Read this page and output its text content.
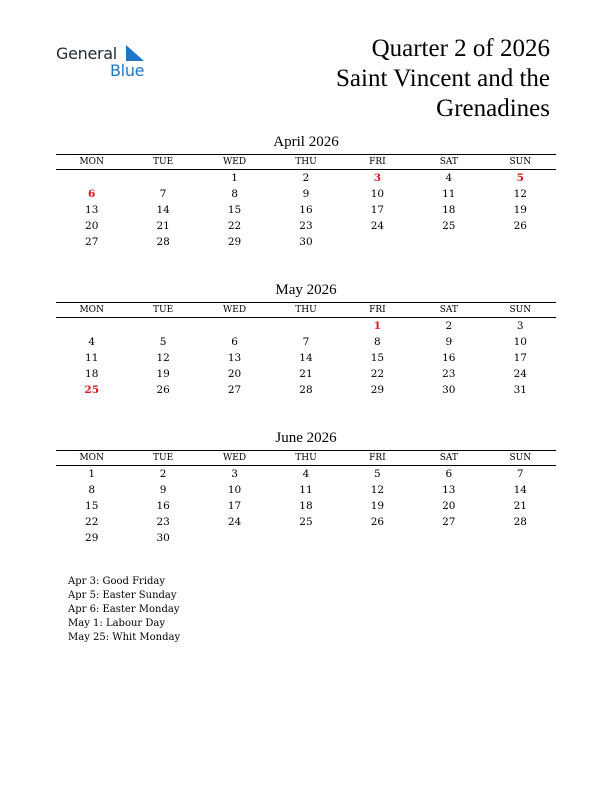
General
Blue
Quarter 2 of 2026
Saint Vincent and the
Grenadines
April 2026
MON	TUE	WED	THU	FRI	SAT	SUN
		1	2	3	4	5
6	7	8	9	10	11	12
13	14	15	16	17	18	19
20	21	22	23	24	25	26
27	28	29	30			
May 2026
MON	TUE	WED	THU	FRI	SAT	SUN
				1	2	3
4	5	6	7	8	9	10
11	12	13	14	15	16	17
18	19	20	21	22	23	24
25	26	27	28	29	30	31
June 2026
MON	TUE	WED	THU	FRI	SAT	SUN
1	2	3	4	5	6	7
8	9	10	11	12	13	14
15	16	17	18	19	20	21
22	23	24	25	26	27	28
29	30					
Apr 3: Good Friday
Apr 5: Easter Sunday
Apr 6: Easter Monday
May 1: Labour Day
May 25: Whit Monday
